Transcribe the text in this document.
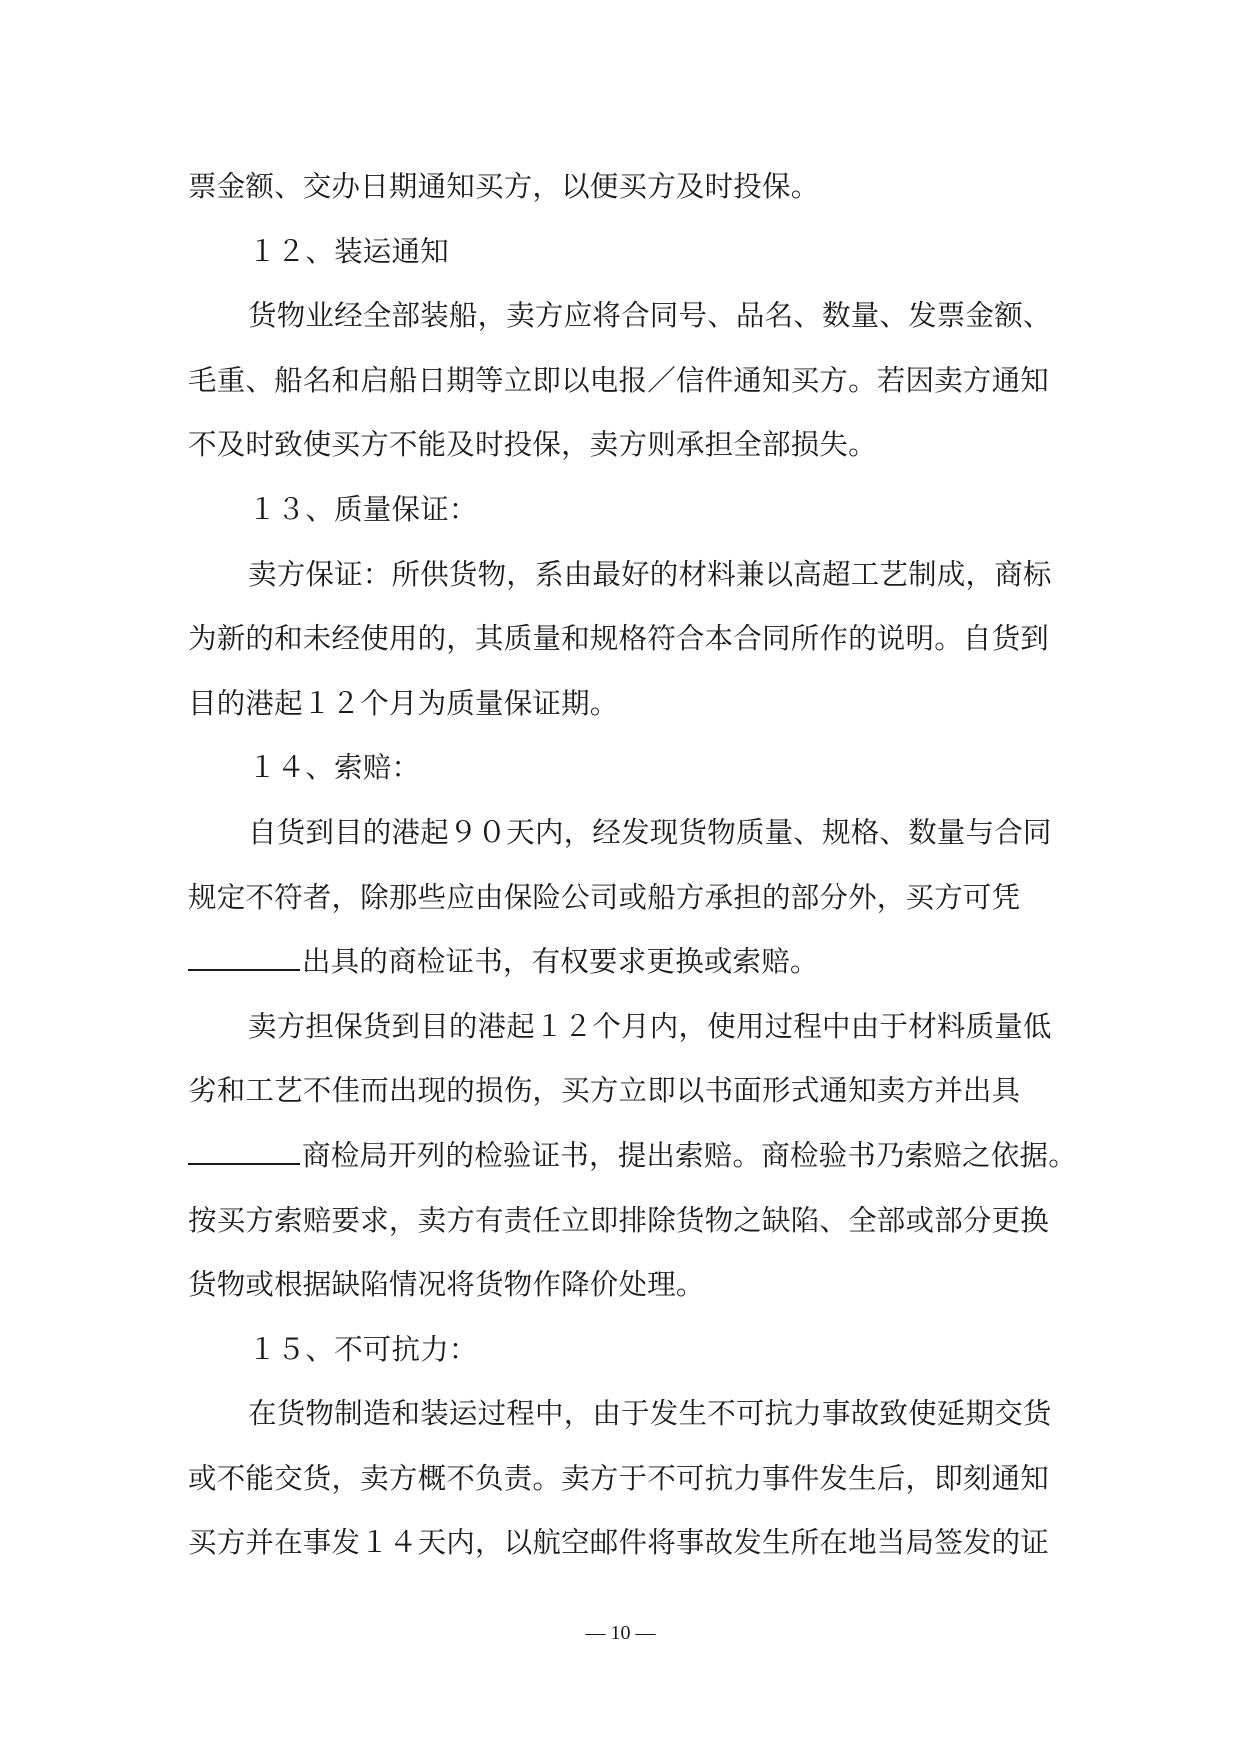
票金额、交办日期通知买方，以便买方及时投保。
１２、装运通知
货物业经全部装船，卖方应将合同号、品名、数量、发票金额、
毛重、船名和启船日期等立即以电报／信件通知买方。若因卖方通知
不及时致使买方不能及时投保，卖方则承担全部损失。
１３、质量保证：
卖方保证：所供货物，系由最好的材料兼以高超工艺制成，商标
为新的和未经使用的，其质量和规格符合本合同所作的说明。自货到
目的港起１２个月为质量保证期。
１４、索赔：
自货到目的港起９０天内，经发现货物质量、规格、数量与合同
规定不符者，除那些应由保险公司或船方承担的部分外，买方可凭
出具的商检证书，有权要求更换或索赔。
卖方担保货到目的港起１２个月内，使用过程中由于材料质量低
劣和工艺不佳而出现的损伤，买方立即以书面形式通知卖方并出具
商检局开列的检验证书，提出索赔。商检验书乃索赔之依据。
按买方索赔要求，卖方有责任立即排除货物之缺陷、全部或部分更换
货物或根据缺陷情况将货物作降价处理。
１５、不可抗力：
在货物制造和装运过程中，由于发生不可抗力事故致使延期交货
或不能交货，卖方概不负责。卖方于不可抗力事件发生后，即刻通知
买方并在事发１４天内，以航空邮件将事故发生所在地当局签发的证
— 10 —
